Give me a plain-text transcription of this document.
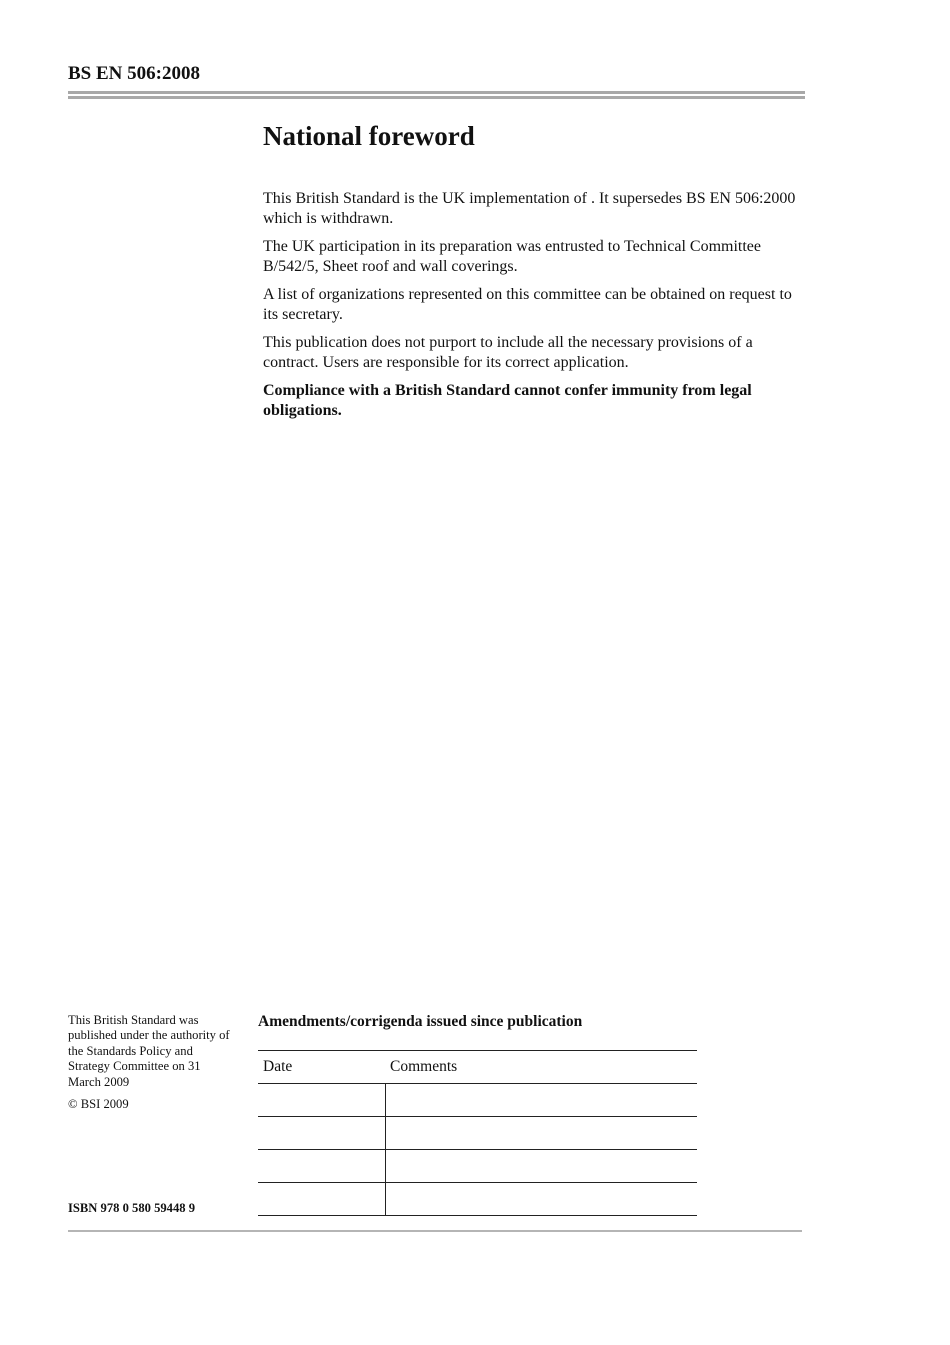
BS EN 506:2008
National foreword

This British Standard is the UK implementation of . It supersedes BS EN 506:2000 which is withdrawn.

The UK participation in its preparation was entrusted to Technical Committee B/542/5, Sheet roof and wall coverings.

A list of organizations represented on this committee can be obtained on request to its secretary.

This publication does not purport to include all the necessary provisions of a contract. Users are responsible for its correct application.

Compliance with a British Standard cannot confer immunity from legal obligations.

This British Standard was published under the authority of the Standards Policy and Strategy Committee on 31 March 2009

© BSI 2009

ISBN 978 0 580 59448 9
Amendments/corrigenda issued since publication
Date	Comments
